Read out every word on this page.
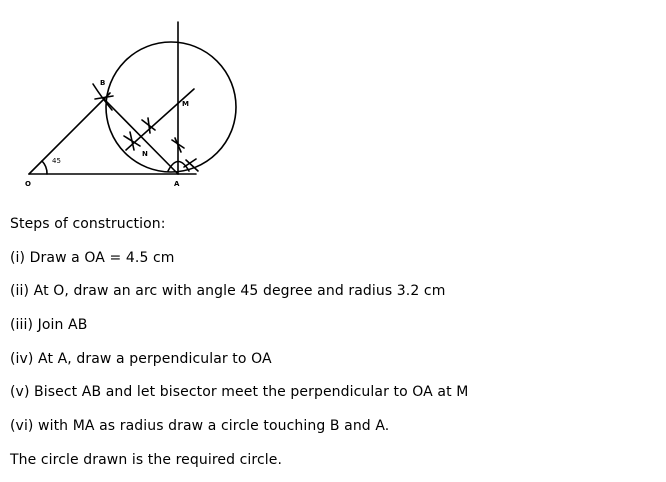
O	A
B
M
N
45
Steps of construction:
(i) Draw a OA = 4.5 cm
(ii) At O, draw an arc with angle 45 degree and radius 3.2 cm
(iii) Join AB
(iv) At A, draw a perpendicular to OA
(v) Bisect AB and let bisector meet the perpendicular to OA at M
(vi) with MA as radius draw a circle touching B and A.
The circle drawn is the required circle.
